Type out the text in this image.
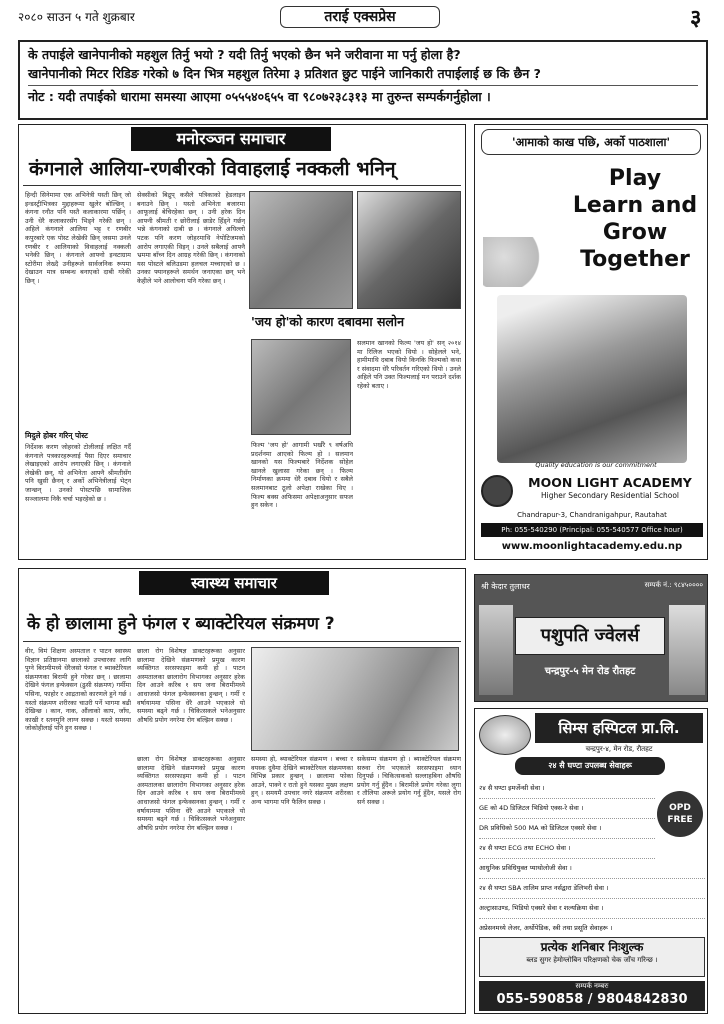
२०८० साउन ५ गते शुक्रबार	तराई एक्सप्रेस	३
के तपाईले खानेपानीको महशुल तिर्नु भयो ? यदी तिर्नु भएको छैन भने जरीवाना मा पर्नु होला है?
खानेपानीको मिटर रिडिङ गरेको ७ दिन भित्र महशुल तिरेमा ३ प्रतिशत छुट पाईने जानिकारी तपाईलाई छ कि छैन ?
नोट : यदी तपाईको धारामा समस्या आएमा ०५५५४०६५५ वा ९८०७२३८३१३ मा तुरुन्त सम्पर्कगर्नुहोला ।
मनोरञ्जन समाचार
कंगनाले आलिया-रणबीरको विवाहलाई नक्कली भनिन्
हिन्दी सिनेमामा एक अभिनेत्री यस्ती छिन् जो इन्डस्ट्रीभित्रका मुद्दाहरूमा खुलेर बोल्छिन् । कंगना रनौत पनि यस्तै कलाकारमा पर्छिन् । उनी धेरै कलाकारसँग भिड्ने गरेकी छन् । अहिले कंगनाले आलिया भट्ट र रणबीर कपुरबारे एक पोस्ट लेखेकी छिन् जसमा उनले रणबीर र आलियाको विवाहलाई नक्कली भनेकी छिन् । कंगनाले आफ्नो इन्स्टाग्राम स्टोरीमा लेख्दै उनीहरूले सार्वजनिक रूपमा देखाउन मात्र सम्बन्ध बनाएको दाबी गरेकी छिन् ।
मिदुले होबर गरिन् पोस्ट
निर्देशक करण जोहरको टोलीलाई लक्षित गर्दै कंगनाले पत्रकारहरूलाई पैसा दिएर समाचार लेखाइएको आरोप लगाएकी छिन् । कंगनाले लेखेकी छन्, यो अभिनेता आफ्नै श्रीमतीसँग पनि खुसी छैनन् र अर्को अभिनेत्रीलाई भेट्न जान्छन् । उनको पोस्टपछि सामाजिक सञ्जालमा निकै चर्चा भइरहेको छ ।
सेक्सीको बिद्रुप् कसैले पत्रिकाको हेडलाइन बनाउने छिन् । यस्तो अभिनेता बजारमा आफूलाई बेचिरहेका छन् । उनी हरेक दिन आफ्नी श्रीमती र छोरीलाई छाडेर हिँड्ने गर्छन् भन्ने कंगनाको दाबी छ । कंगनाले अघिल्लो पटक पनि करण जोहरमाथि नेपोटिजमको आरोप लगाएकी थिइन् । उनले सबैलाई आफ्नै भ्रममा बाँच्न दिन आग्रह गरेकी छिन् । कंगनाको यस पोस्टले बलिउडमा हलचल मच्चाएको छ । उनका फ्यानहरूले समर्थन जनाएका छन् भने केहीले भने आलोचना पनि गरेका छन् ।
'जय हो'को कारण दबावमा सलोन
फिल्म 'जय हो' आगामी भर्खरै ९ वर्षअघि प्रदर्शनमा आएको फिल्म हो । सलमान खानको यस फिल्मबारे निर्देशक सोहेल खानले खुलासा गरेका छन् । फिल्म निर्माणका क्रममा धेरै दबाव थियो र सबैले सलमानबाट ठूलो अपेक्षा राखेका थिए । फिल्म बक्स अफिसमा अपेक्षाअनुसार सफल हुन सकेन ।
सलमान खानको फिल्म 'जय हो' सन् २०१४ मा रिलिज भएको थियो । सोहेलले भने, हामीमाथि दबाब थियो किनकि फिल्मको कथा र संवादमा धेरै परिवर्तन गरिएको थियो । उनले अहिले पनि उक्त फिल्मलाई मन पराउने दर्शक रहेको बताए ।
'आमाको काख पछि, अर्को पाठशाला'
Play
Learn and
Grow
Together
Quality education is our commitment
MOON LIGHT ACADEMY
Higher Secondary Residential School
Chandrapur-3, Chandranigahpur, Rautahat
Ph: 055-540290 (Principal: 055-540577 Office hour)
www.moonlightacademy.edu.np
स्वास्थ्य समाचार
के हो छालामा हुने फंगल र ब्याक्टेरियल संक्रमण ?
वीर, विमं शिक्षण अस्पताल र पाटन स्वास्थ्य विज्ञान प्रतिष्ठानमा छालाको उपचारका लागि पुग्ने बिरामीमध्ये धेरैजसो फंगल र ब्याक्टेरियल संक्रमणका बिरामी हुने गरेका छन् । छालामा देखिने फंगल इन्फेक्सन (ढुसी संक्रमण) गर्मीमा पसिना, फाहोर र आद्रताको कारणले हुने गर्छ । यस्तो संक्रमण शरीरका चाउरी पर्ने भागमा बढी देखिन्छ । कान, नाक, औंलाको काप, जाँघ, काखी र स्तनमुनि लाग्न सक्छ । यस्तो समस्या जोकोहीलाई पनि हुन सक्छ ।
छाला रोग विशेषज्ञ डाक्टरहरूका अनुसार छालामा देखिने संक्रमणको प्रमुख कारण व्यक्तिगत सरसफाइमा कमी हो । पाटन अस्पतालका छालारोग विभागका अनुसार हरेक दिन आउने करिब १ सय जना बिरामीमध्ये आधाजसो फंगल इन्फेक्सनका हुन्छन् । गर्मी र वर्षायाममा पसिना धेरै आउने भएकाले यो समस्या बढ्ने गर्छ । चिकित्सकले भनेअनुसार औषधि प्रयोग नगरेमा रोग बल्झिन सक्छ ।
छाला रोग विशेषज्ञ डाक्टरहरूका अनुसार छालामा देखिने संक्रमणको प्रमुख कारण व्यक्तिगत सरसफाइमा कमी हो । पाटन अस्पतालका छालारोग विभागका अनुसार हरेक दिन आउने करिब १ सय जना बिरामीमध्ये आधाजसो फंगल इन्फेक्सनका हुन्छन् । गर्मी र वर्षायाममा पसिना धेरै आउने भएकाले यो समस्या बढ्ने गर्छ । चिकित्सकले भनेअनुसार औषधि प्रयोग नगरेमा रोग बल्झिन सक्छ ।
समस्या हो, ब्याक्टेरियल संक्रमण । बच्चा र वयस्क दुवैमा देखिने ब्याक्टेरियल संक्रमणका विभिन्न प्रकार हुन्छन् । छालामा फोका आउने, पाक्ने र रातो हुने यसका मुख्य लक्षण हुन् । समयमै उपचार नगरे संक्रमण शरीरका अन्य भागमा पनि फैलिन सक्छ ।
सकेसम्म संक्रमण हो । ब्याक्टेरियल संक्रमण सरुवा रोग भएकाले सरसफाइमा ध्यान दिनुपर्छ । चिकित्सकको सल्लाहबिना औषधि प्रयोग गर्नु हुँदैन । बिरामीले प्रयोग गरेका लुगा र तौलिया अरूले प्रयोग गर्नु हुँदैन, यसले रोग सर्न सक्छ ।
श्री केदार तुलाधर	सम्पर्क नं.: ९८४५००००
पशुपति ज्वेलर्स
चन्द्रपुर-५ मेन रोड रौतहट
सिम्स हस्पिटल प्रा.लि.
चन्द्रपुर-४, मेन रोड, रौतहट
२४ सै घण्टा उपलब्ध सेवाहरू
२४ सै घण्टा इमर्जेन्सी सेवा ।
GE को 4D डिजिटल भिडियो एक्स-रे सेवा ।
DR प्रविधिको 500 MA को डिजिटल एक्सरे सेवा ।
२४ सै घण्टा ECG तथा ECHO सेवा ।
आधुनिक प्रविधियुक्त प्याथोलोजी सेवा ।
२४ सै घण्टा SBA तालिम प्राप्त नर्सद्वारा डेलिभरी सेवा ।
अल्ट्रासाउण्ड, भिडियो एक्सरे सेवा र शल्यक्रिया सेवा ।
अप्रेसनमध्ये लेजर, अर्थोपेडिक, स्त्री तथा प्रसूति सेवाहरू ।
OPD FREE
प्रत्येक शनिबार निःशुल्क
ब्लड सुगर हेमोग्लोबिन परिक्षणको चेक जाँच गरिन्छ ।
सम्पर्क नम्बरः
055-590858 / 9804842830
